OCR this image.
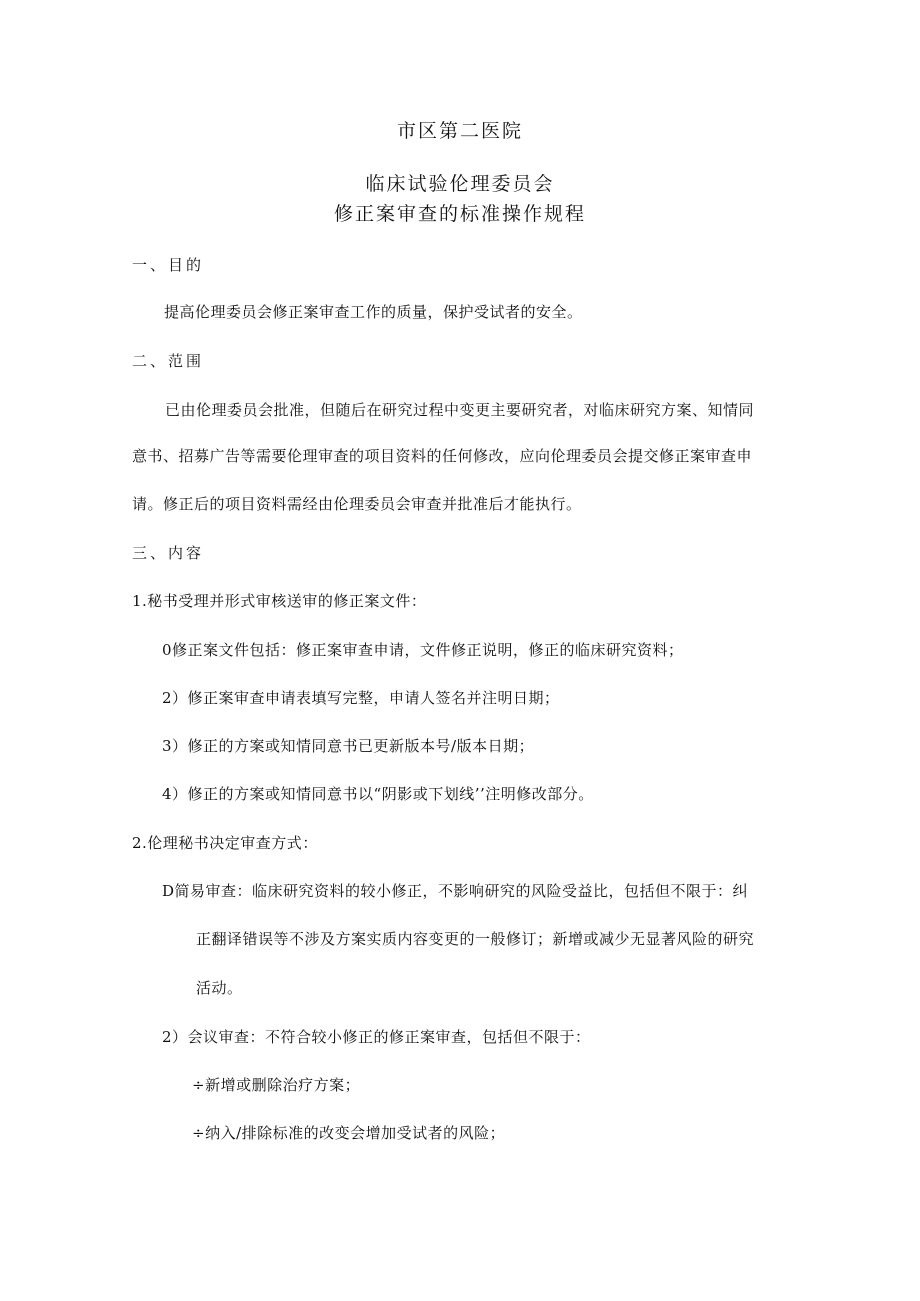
市区第二医院
临床试验伦理委员会
修正案审查的标准操作规程
一、目的
提高伦理委员会修正案审查工作的质量，保护受试者的安全。
二、范围
已由伦理委员会批准，但随后在研究过程中变更主要研究者，对临床研究方案、知情同
意书、招募广告等需要伦理审查的项目资料的任何修改，应向伦理委员会提交修正案审查申
请。修正后的项目资料需经由伦理委员会审查并批准后才能执行。
三、内容
1.秘书受理并形式审核送审的修正案文件：
0修正案文件包括：修正案审查申请，文件修正说明，修正的临床研究资料；
2）修正案审查申请表填写完整，申请人签名并注明日期；
3）修正的方案或知情同意书已更新版本号/版本日期；
4）修正的方案或知情同意书以“阴影或下划线’’注明修改部分。
2.伦理秘书决定审查方式：
D简易审查：临床研究资料的较小修正，不影响研究的风险受益比，包括但不限于：纠
正翻译错误等不涉及方案实质内容变更的一般修订；新增或减少无显著风险的研究
活动。
2）会议审查：不符合较小修正的修正案审查，包括但不限于：
÷新增或删除治疗方案；
÷纳入/排除标准的改变会增加受试者的风险；
